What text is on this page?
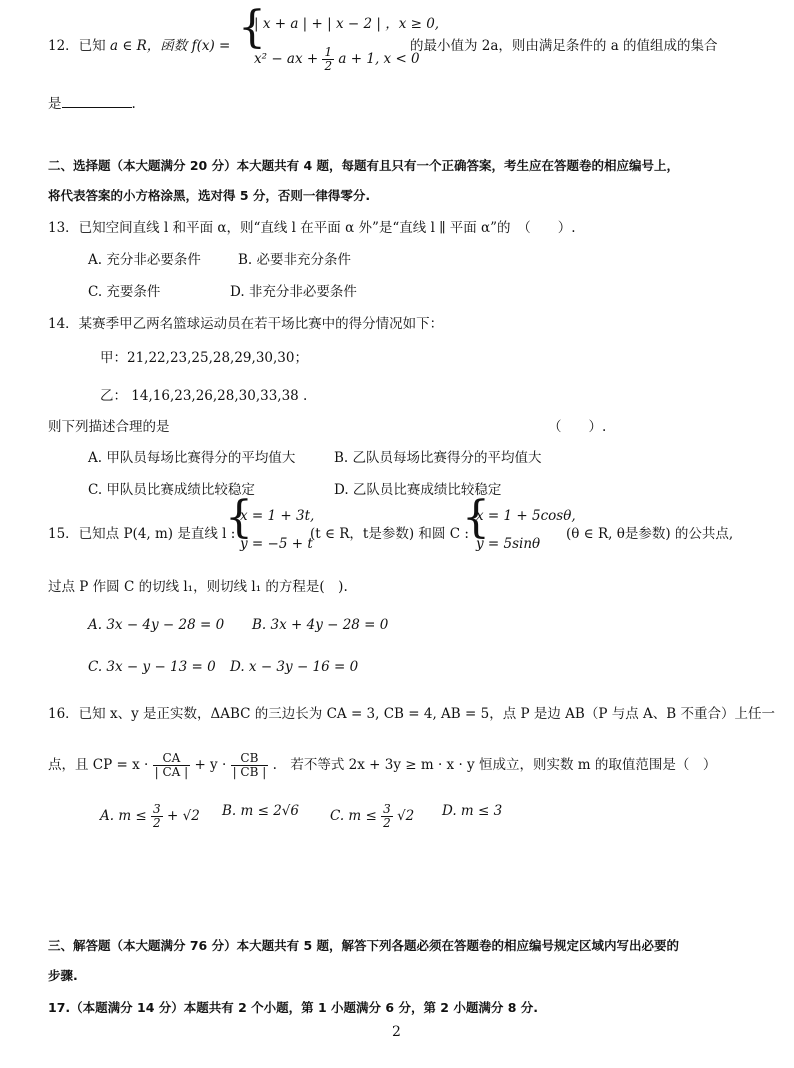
12．已知 a ∈ R，函数 f(x) = {
| x + a | + | x − 2 | ，x ≥ 0,
x² − ax + $\frac{1}{2}$ a + 1, x < 0
的最小值为 2a，则由满足条件的 a 的值组成的集合
是	.
二、选择题（本大题满分 20 分）本大题共有 4 题，每题有且只有一个正确答案，考生应在答题卷的相应编号上，
将代表答案的小方格涂黑，选对得 5 分，否则一律得零分.
13．已知空间直线 l 和平面 α，则“直线 l 在平面 α 外”是“直线 l ∥ 平面 α”的　（　　）.
A. 充分非必要条件	B. 必要非充分条件
C. 充要条件	D. 非充分非必要条件
14．某赛季甲乙两名篮球运动员在若干场比赛中的得分情况如下：
甲：21,22,23,25,28,29,30,30；
乙： 14,16,23,26,28,30,33,38 .
则下列描述合理的是	（　　）.
A. 甲队员每场比赛得分的平均值大	B. 乙队员每场比赛得分的平均值大
C. 甲队员比赛成绩比较稳定	D. 乙队员比赛成绩比较稳定
15．已知点 P(4, m) 是直线 l :
{
x = 1 + 3t,
y = −5 + t
(t ∈ R，t是参数) 和圆 C :
{
x = 1 + 5cosθ,
y = 5sinθ
(θ ∈ R, θ是参数) 的公共点,
过点 P 作圆 C 的切线 l₁，则切线 l₁ 的方程是(　).
A. 3x − 4y − 28 = 0 B. 3x + 4y − 28 = 0
C. 3x − y − 13 = 0 D. x − 3y − 16 = 0
16．已知 x、y 是正实数，ΔABC 的三边长为 CA = 3, CB = 4, AB = 5，点 P 是边 AB（P 与点 A、B 不重合）上任一
点，且 CP = $x \cdot \frac{CA}{| CA |} + y \cdot \frac{CB}{| CB |}$ .　若不等式 2x + 3y ≥ m · x · y 恒成立，则实数 m 的取值范围是（　）
A. $m \le \frac{3}{2} + √2$ B. m ≤ 2√6 C. $m \le \frac{3}{2} √2$ D. m ≤ 3
三、解答题（本大题满分 76 分）本大题共有 5 题，解答下列各题必须在答题卷的相应编号规定区域内写出必要的
步骤.
17.（本题满分 14 分）本题共有 2 个小题，第 1 小题满分 6 分，第 2 小题满分 8 分.
2
